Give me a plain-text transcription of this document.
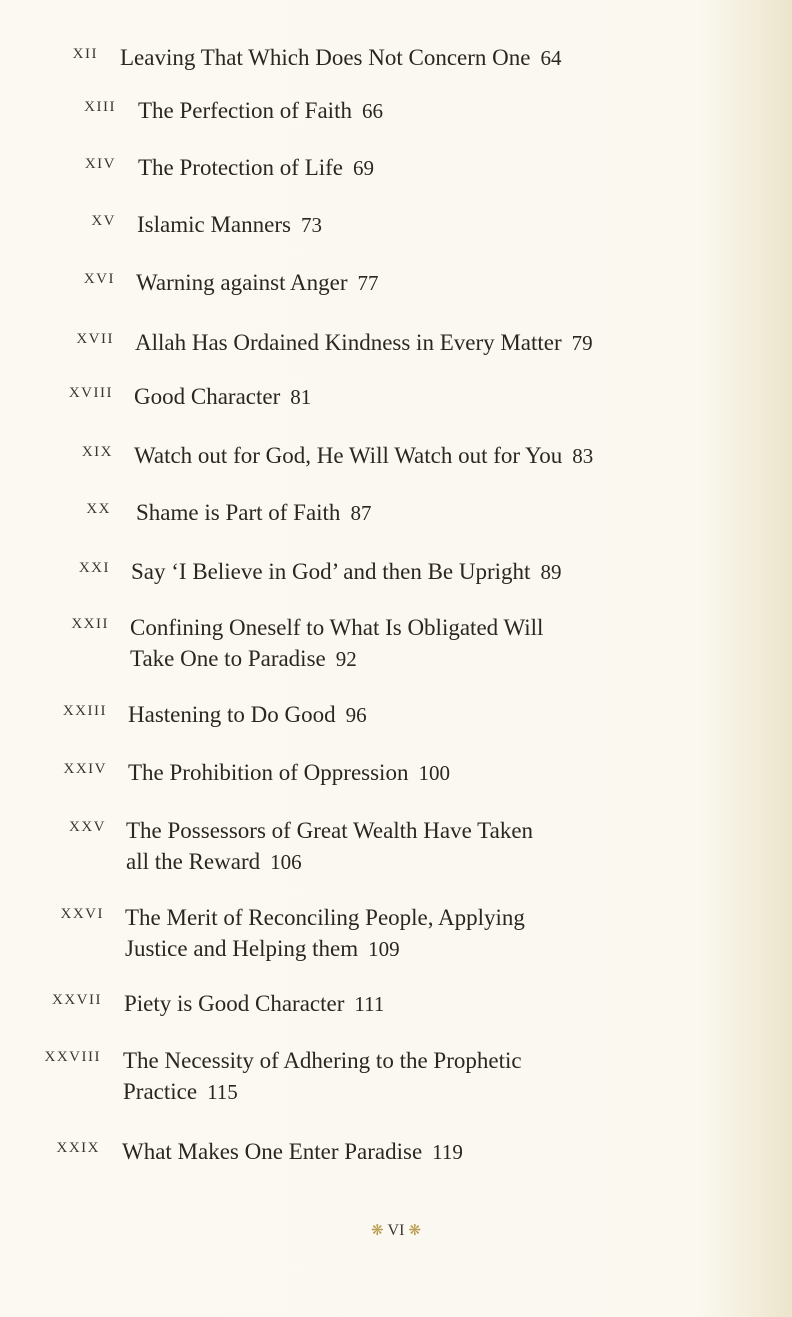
XII Leaving That Which Does Not Concern One 64
XIII The Perfection of Faith 66
XIV The Protection of Life 69
XV Islamic Manners 73
XVI Warning against Anger 77
XVII Allah Has Ordained Kindness in Every Matter 79
XVIII Good Character 81
XIX Watch out for God, He Will Watch out for You 83
XX Shame is Part of Faith 87
XXI Say ‘I Believe in God’ and then Be Upright 89
XXII Confining Oneself to What Is Obligated Will
Take One to Paradise 92
XXIII Hastening to Do Good 96
XXIV The Prohibition of Oppression 100
XXV The Possessors of Great Wealth Have Taken
all the Reward 106
XXVI The Merit of Reconciling People, Applying
Justice and Helping them 109
XXVII Piety is Good Character 111
XXVIII The Necessity of Adhering to the Prophetic
Practice 115
XXIX What Makes One Enter Paradise 119
❋ VI ❋
